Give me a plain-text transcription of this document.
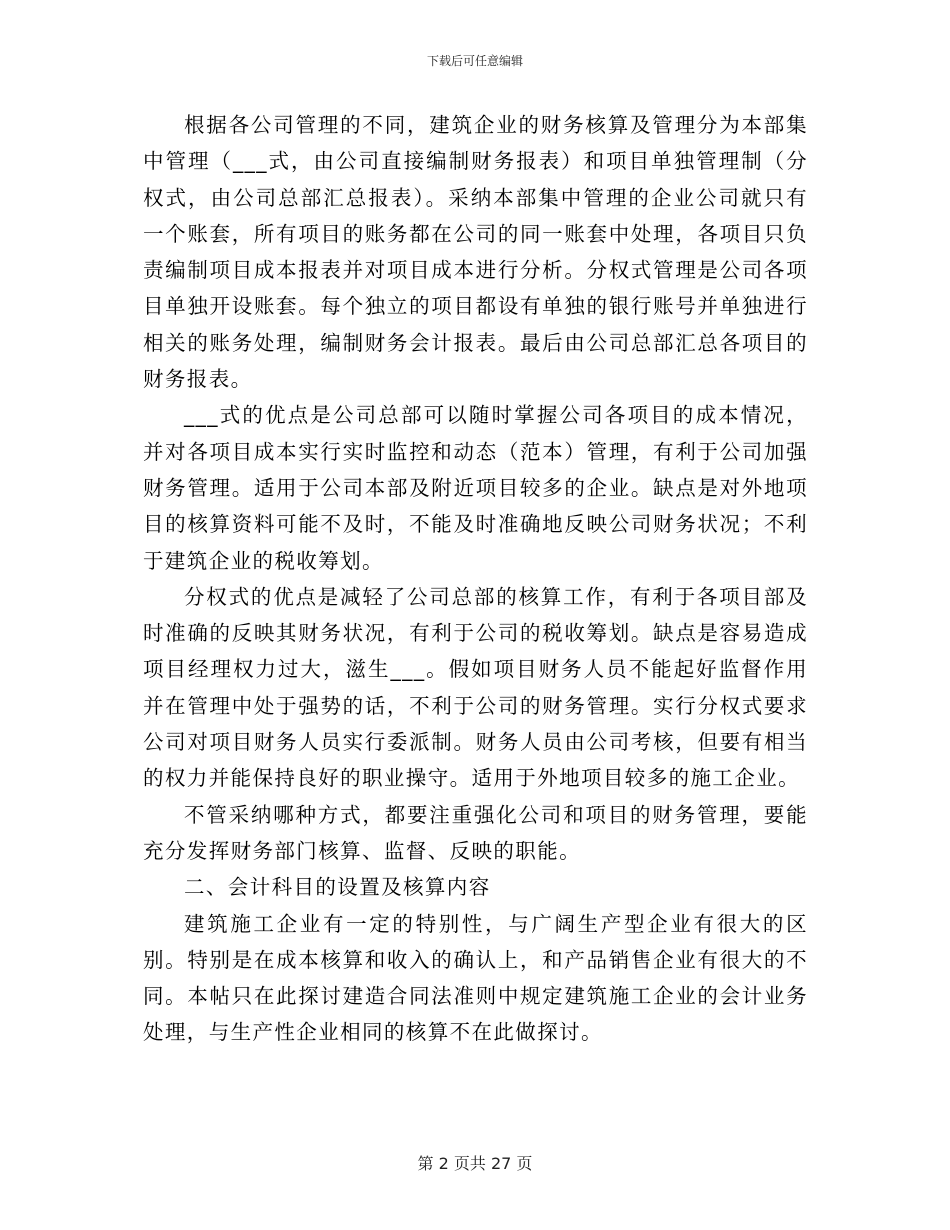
下载后可任意编辑

根据各公司管理的不同，建筑企业的财务核算及管理分为本部集中管理（___式，由公司直接编制财务报表）和项目单独管理制（分权式，由公司总部汇总报表）。采纳本部集中管理的企业公司就只有一个账套，所有项目的账务都在公司的同一账套中处理，各项目只负责编制项目成本报表并对项目成本进行分析。分权式管理是公司各项目单独开设账套。每个独立的项目都设有单独的银行账号并单独进行相关的账务处理，编制财务会计报表。最后由公司总部汇总各项目的财务报表。

___式的优点是公司总部可以随时掌握公司各项目的成本情况，并对各项目成本实行实时监控和动态（范本）管理，有利于公司加强财务管理。适用于公司本部及附近项目较多的企业。缺点是对外地项目的核算资料可能不及时，不能及时准确地反映公司财务状况；不利于建筑企业的税收筹划。

分权式的优点是减轻了公司总部的核算工作，有利于各项目部及时准确的反映其财务状况，有利于公司的税收筹划。缺点是容易造成项目经理权力过大，滋生___。假如项目财务人员不能起好监督作用并在管理中处于强势的话，不利于公司的财务管理。实行分权式要求公司对项目财务人员实行委派制。财务人员由公司考核，但要有相当的权力并能保持良好的职业操守。适用于外地项目较多的施工企业。

不管采纳哪种方式，都要注重强化公司和项目的财务管理，要能充分发挥财务部门核算、监督、反映的职能。

二、会计科目的设置及核算内容

建筑施工企业有一定的特别性，与广阔生产型企业有很大的区别。特别是在成本核算和收入的确认上，和产品销售企业有很大的不同。本帖只在此探讨建造合同法准则中规定建筑施工企业的会计业务处理，与生产性企业相同的核算不在此做探讨。

第 2 页共 27 页
